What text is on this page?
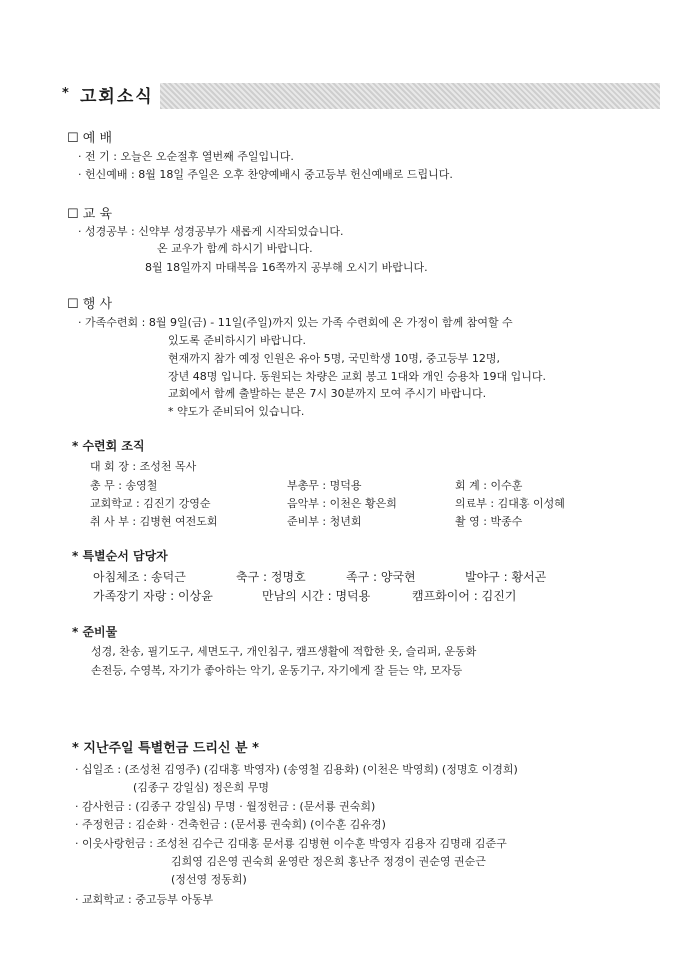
* 고회소식
☐ 예 배
· 전 기 : 오늘은 오순절후 열번째 주일입니다.
· 헌신예배 : 8월 18일 주일은 오후 찬양예배시 중고등부 헌신예배로 드립니다.
☐ 교 육
· 성경공부 : 신약부 성경공부가 새롭게 시작되었습니다.
온 교우가 함께 하시기 바랍니다.
8월 18일까지 마태복음 16쪽까지 공부해 오시기 바랍니다.
☐ 행 사
· 가족수련회 : 8월 9일(금) - 11일(주일)까지 있는 가족 수련회에 온 가정이 함께 참여할 수
있도록 준비하시기 바랍니다.
현재까지 참가 예정 인원은 유아 5명, 국민학생 10명, 중고등부 12명,
장년 48명 입니다. 동원되는 차량은 교회 봉고 1대와 개인 승용차 19대 입니다.
교회에서 함께 출발하는 분은 7시 30분까지 모여 주시기 바랍니다.
* 약도가 준비되어 있습니다.
* 수련회 조직
대 회 장 : 조성천 목사
총 무 : 송영철	부총무 : 명덕용	회 계 : 이수훈
교회학교 : 김진기 강영순	음악부 : 이천은 황은희	의료부 : 김대홍 이성혜
취 사 부 : 김병현 여전도회	준비부 : 청년회	촬 영 : 박종수
* 특별순서 담당자
아침체조 : 송덕근	축구 : 정명호	족구 : 양국현	발야구 : 황서곤
가족장기 자랑 : 이상윤	만남의 시간 : 명덕용	캠프화이어 : 김진기
* 준비물
성경, 찬송, 필기도구, 세면도구, 개인침구, 캠프생활에 적합한 옷, 슬리퍼, 운동화
손전등, 수영복, 자기가 좋아하는 악기, 운동기구, 자기에게 잘 듣는 약, 모자등
* 지난주일 특별헌금 드리신 분 *
· 십일조 : (조성천 김영주) (김대홍 박영자) (송영철 김용화) (이천은 박영희) (정명호 이경희)
(김종구 강일심) 정은희 무명
· 감사헌금 : (김종구 강일심) 무명 · 월정헌금 : (문서룡 권숙희)
· 주정헌금 : 김순화 · 건축헌금 : (문서룡 권숙희) (이수훈 김유경)
· 이웃사랑헌금 : 조성천 김수근 김대홍 문서룡 김병현 이수훈 박영자 김용자 김명래 김준구
김희영 김은영 권숙희 윤영란 정은희 홍난주 정경이 권순영 권순근
(정선영 정동희)
· 교회학교 : 중고등부 아동부
